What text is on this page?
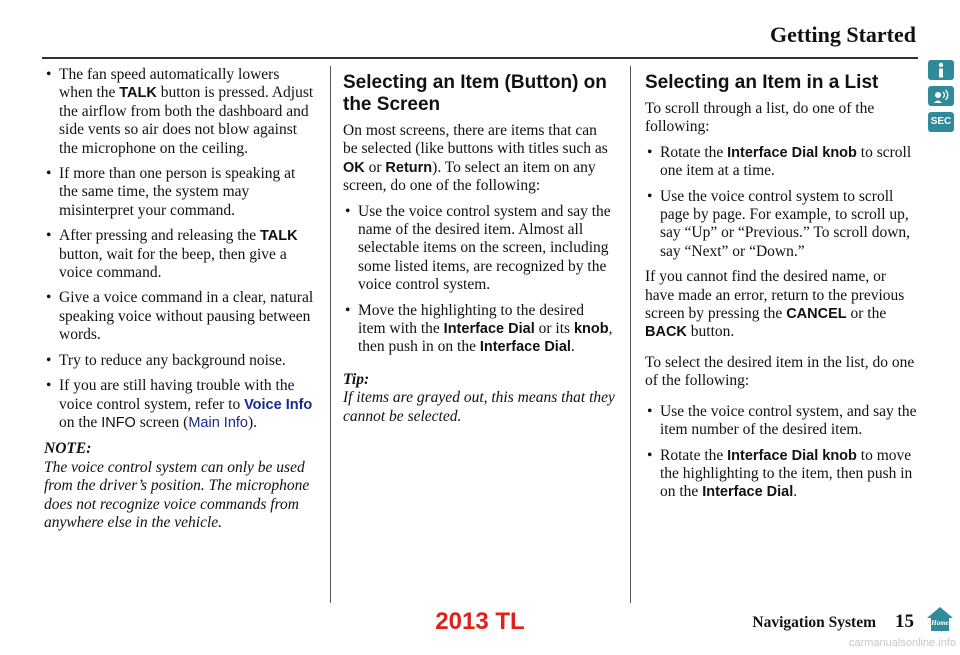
Getting Started
• The fan speed automatically lowers when the TALK button is pressed. Adjust the airflow from both the dashboard and side vents so air does not blow against the microphone on the ceiling.
• If more than one person is speaking at the same time, the system may misinterpret your command.
• After pressing and releasing the TALK button, wait for the beep, then give a voice command.
• Give a voice command in a clear, natural speaking voice without pausing between words.
• Try to reduce any background noise.
• If you are still having trouble with the voice control system, refer to Voice Info on the INFO screen (Main Info).
NOTE:
The voice control system can only be used from the driver’s position. The microphone does not recognize voice commands from anywhere else in the vehicle.
Selecting an Item (Button) on the Screen

On most screens, there are items that can be selected (like buttons with titles such as OK or Return). To select an item on any screen, do one of the following:

• Use the voice control system and say the name of the desired item. Almost all selectable items on the screen, including some listed items, are recognized by the voice control system.
• Move the highlighting to the desired item with the Interface Dial or its knob, then push in on the Interface Dial.
Tip:
If items are grayed out, this means that they cannot be selected.
Selecting an Item in a List

To scroll through a list, do one of the following:

• Rotate the Interface Dial knob to scroll one item at a time.
• Use the voice control system to scroll page by page. For example, to scroll up, say “Up” or “Previous.” To scroll down, say “Next” or “Down.”

If you cannot find the desired name, or have made an error, return to the previous screen by pressing the CANCEL or the BACK button.

To select the desired item in the list, do one of the following:

• Use the voice control system, and say the item number of the desired item.
• Rotate the Interface Dial knob to move the highlighting to the item, then push in on the Interface Dial.
SEC
2013 TL	Navigation System 15 Home
carmanualsonline.info
